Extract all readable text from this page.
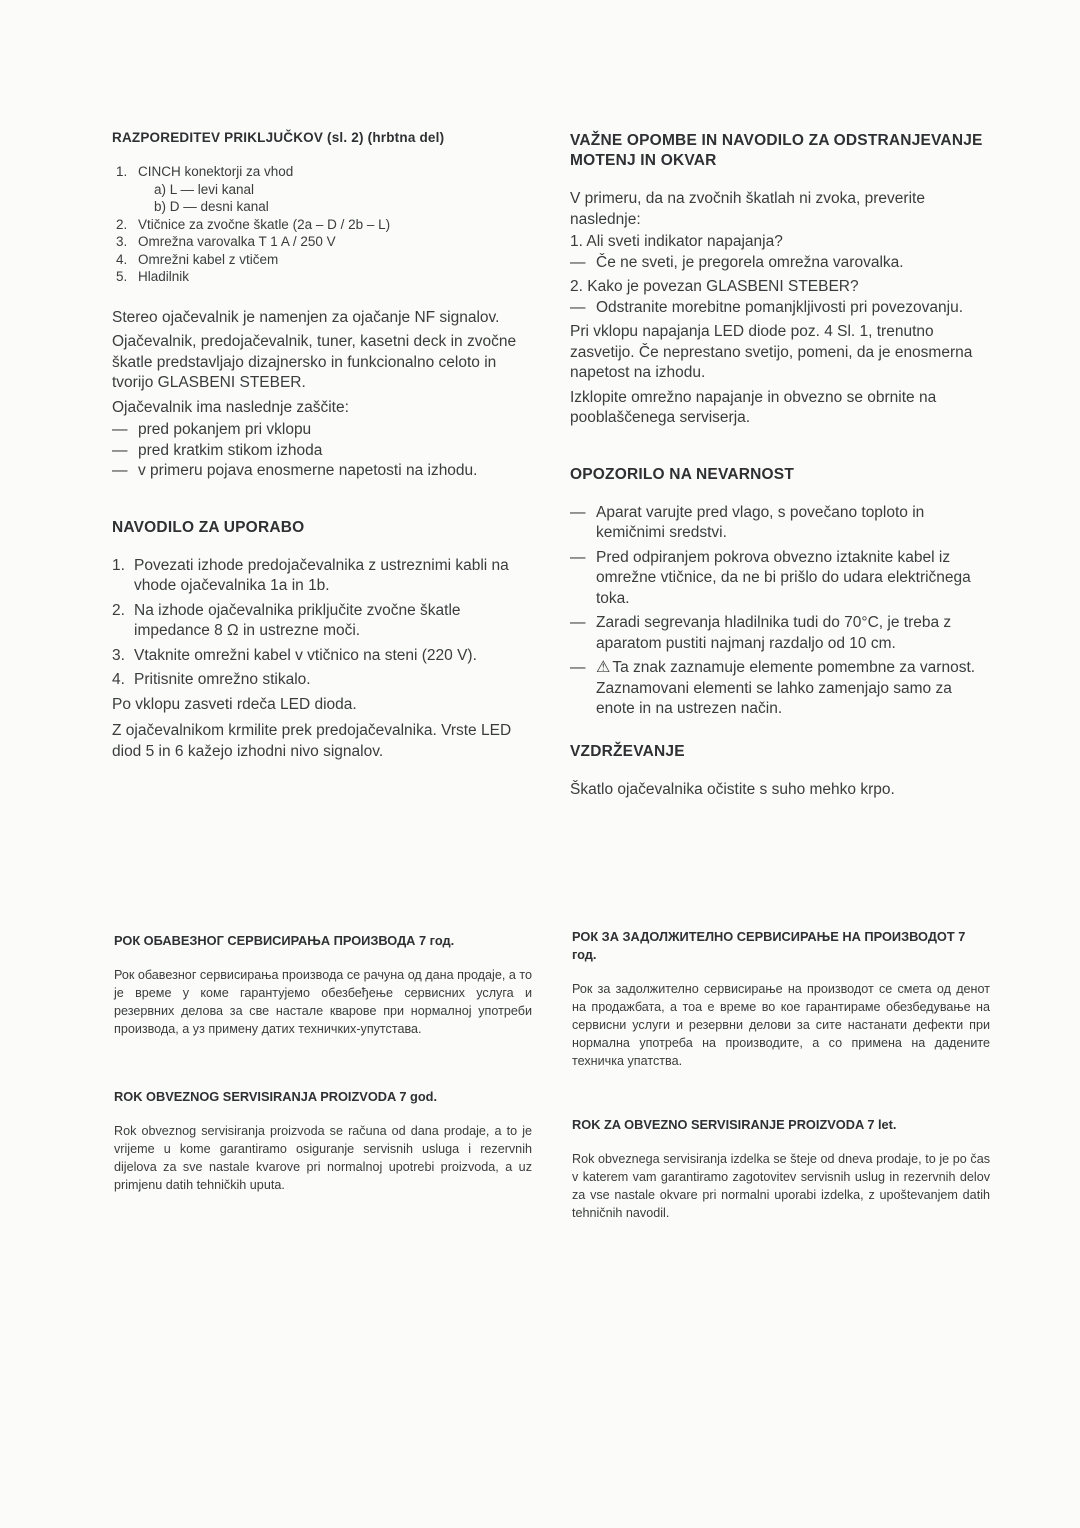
RAZPOREDITEV PRIKLJUČKOV (sl. 2) (hrbtna del)
1. CINCH konektorji za vhod
a) L — levi kanal
b) D — desni kanal
2. Vtičnice za zvočne škatle (2a – D / 2b – L)
3. Omrežna varovalka T 1 A / 250 V
4. Omrežni kabel z vtičem
5. Hladilnik

Stereo ojačevalnik je namenjen za ojačanje NF signalov.

Ojačevalnik, predojačevalnik, tuner, kasetni deck in zvočne škatle predstavljajo dizajnersko in funkcionalno celoto in tvorijo GLASBENI STEBER.

Ojačevalnik ima naslednje zaščite:

— pred pokanjem pri vklopu
— pred kratkim stikom izhoda
— v primeru pojava enosmerne napetosti na izhodu.
NAVODILO ZA UPORABO
1. Povezati izhode predojačevalnika z ustreznimi kabli na vhode ojačevalnika 1a in 1b.
2. Na izhode ojačevalnika priključite zvočne škatle impedance 8 Ω in ustrezne moči.
3. Vtaknite omrežni kabel v vtičnico na steni (220 V).
4. Pritisnite omrežno stikalo.

Po vklopu zasveti rdeča LED dioda.

Z ojačevalnikom krmilite prek predojačevalnika. Vrste LED diod 5 in 6 kažejo izhodni nivo signalov.

VAŽNE OPOMBE IN NAVODILO ZA ODSTRANJEVANJE MOTENJ IN OKVAR

V primeru, da na zvočnih škatlah ni zvoka, preverite naslednje:

1. Ali sveti indikator napajanja?

— Če ne sveti, je pregorela omrežna varovalka.

2. Kako je povezan GLASBENI STEBER?

— Odstranite morebitne pomanjkljivosti pri povezovanju.

Pri vklopu napajanja LED diode poz. 4 Sl. 1, trenutno zasvetijo. Če neprestano svetijo, pomeni, da je enosmerna napetost na izhodu.

Izklopite omrežno napajanje in obvezno se obrnite na pooblaščenega serviserja.

OPOZORILO NA NEVARNOST
— Aparat varujte pred vlago, s povečano toploto in kemičnimi sredstvi.
— Pred odpiranjem pokrova obvezno iztaknite kabel iz omrežne vtičnice, da ne bi prišlo do udara električnega toka.
— Zaradi segrevanja hladilnika tudi do 70°C, je treba z aparatom pustiti najmanj razdaljo od 10 cm.
— ⚠ Ta znak zaznamuje elemente pomembne za varnost. Zaznamovani elementi se lahko zamenjajo samo za enote in na ustrezen način.
VZDRŽEVANJE

Škatlo ojačevalnika očistite s suho mehko krpo.

РОК ОБАВЕЗНОГ СЕРВИСИРАЊА ПРОИЗВОДА 7 год.

Рок обавезног сервисирања производа се рачуна од дана продаје, а то је време у коме гарантујемо обезбеђење сервисних услуга и резервних делова за све настале кварове при нормалној употреби производа, а уз примену датих техничких-упутстава.

ROK OBVEZNOG SERVISIRANJA PROIZVODA 7 god.

Rok obveznog servisiranja proizvoda se računa od dana prodaje, a to je vrijeme u kome garantiramo osiguranje servisnih usluga i rezervnih dijelova za sve nastale kvarove pri normalnoj upotrebi proizvoda, a uz primjenu datih tehničkih uputa.

РОК ЗА ЗАДОЛЖИТЕЛНО СЕРВИСИРАЊЕ НА ПРОИЗВОДОТ 7 год.

Рок за задолжително сервисирање на производот се смета од денот на продажбата, а тоа е време во кое гарантираме обезбедување на сервисни услуги и резервни делови за сите настанати дефекти при нормална употреба на производите, а со примена на дадените техничка упатства.

ROK ZA OBVEZNO SERVISIRANJE PROIZVODA 7 let.

Rok obveznega servisiranja izdelka se šteje od dneva prodaje, to je po čas v katerem vam garantiramo zagotovitev servisnih uslug in rezervnih delov za vse nastale okvare pri normalni uporabi izdelka, z upoštevanjem datih tehničnih navodil.
